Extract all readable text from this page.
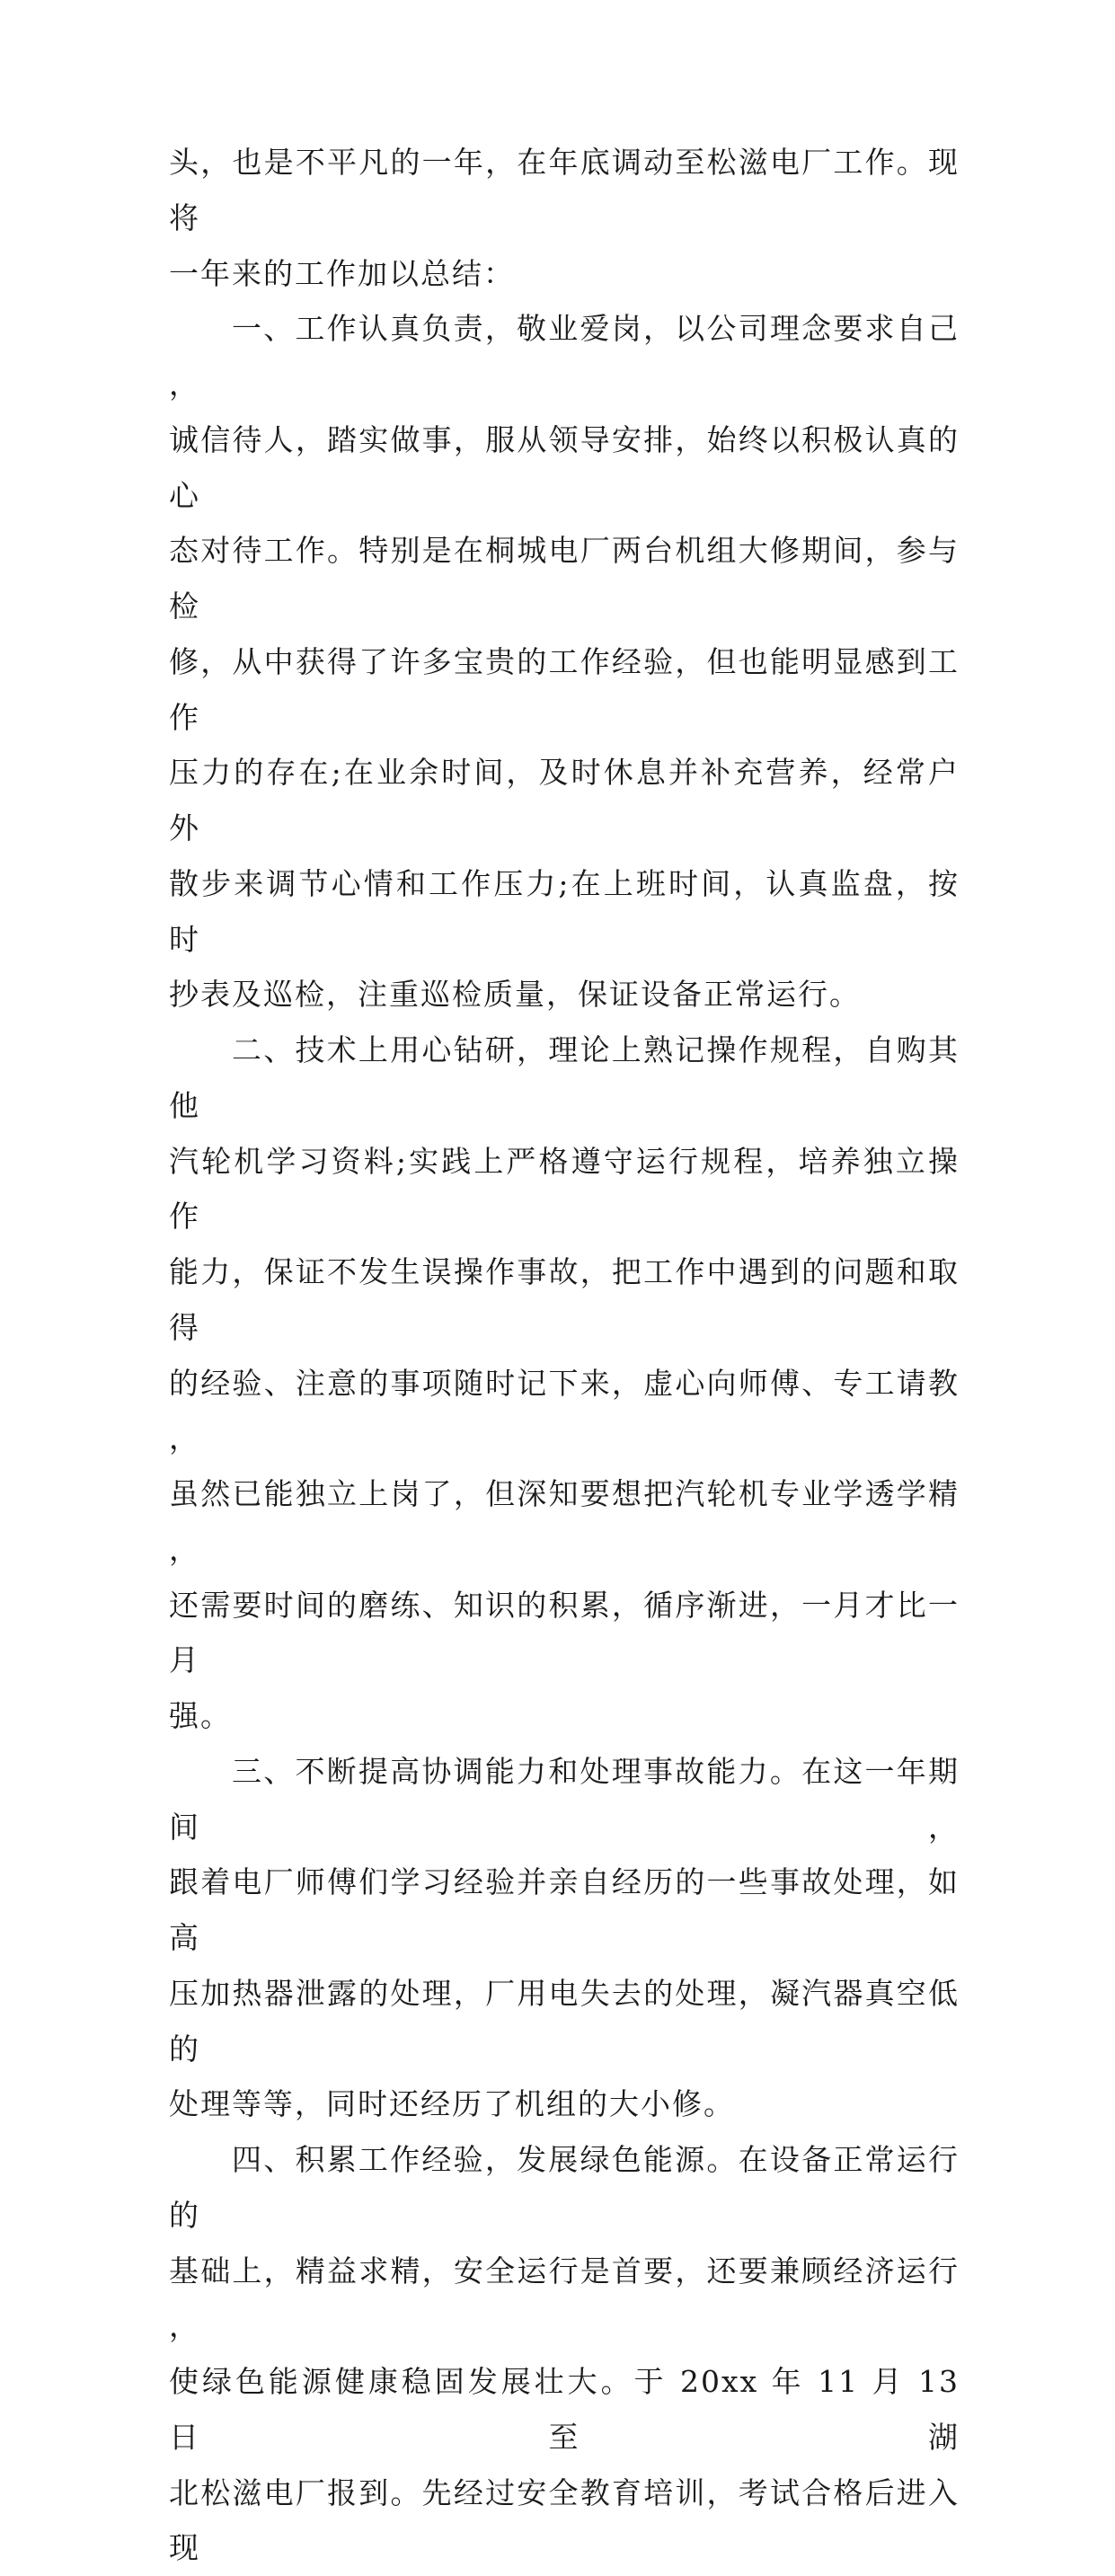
头，也是不平凡的一年，在年底调动至松滋电厂工作。现将
一年来的工作加以总结：
一、工作认真负责，敬业爱岗，以公司理念要求自己，
诚信待人，踏实做事，服从领导安排，始终以积极认真的心
态对待工作。特别是在桐城电厂两台机组大修期间，参与检
修，从中获得了许多宝贵的工作经验，但也能明显感到工作
压力的存在;在业余时间，及时休息并补充营养，经常户外
散步来调节心情和工作压力;在上班时间，认真监盘，按时
抄表及巡检，注重巡检质量，保证设备正常运行。
二、技术上用心钻研，理论上熟记操作规程，自购其他
汽轮机学习资料;实践上严格遵守运行规程，培养独立操作
能力，保证不发生误操作事故，把工作中遇到的问题和取得
的经验、注意的事项随时记下来，虚心向师傅、专工请教，
虽然已能独立上岗了，但深知要想把汽轮机专业学透学精，
还需要时间的磨练、知识的积累，循序渐进，一月才比一月
强。
三、不断提高协调能力和处理事故能力。在这一年期间，
跟着电厂师傅们学习经验并亲自经历的一些事故处理，如高
压加热器泄露的处理，厂用电失去的处理，凝汽器真空低的
处理等等，同时还经历了机组的大小修。
四、积累工作经验，发展绿色能源。在设备正常运行的
基础上，精益求精，安全运行是首要，还要兼顾经济运行，
使绿色能源健康稳固发展壮大。于 20xx 年 11 月 13 日至湖
北松滋电厂报到。先经过安全教育培训，考试合格后进入现
